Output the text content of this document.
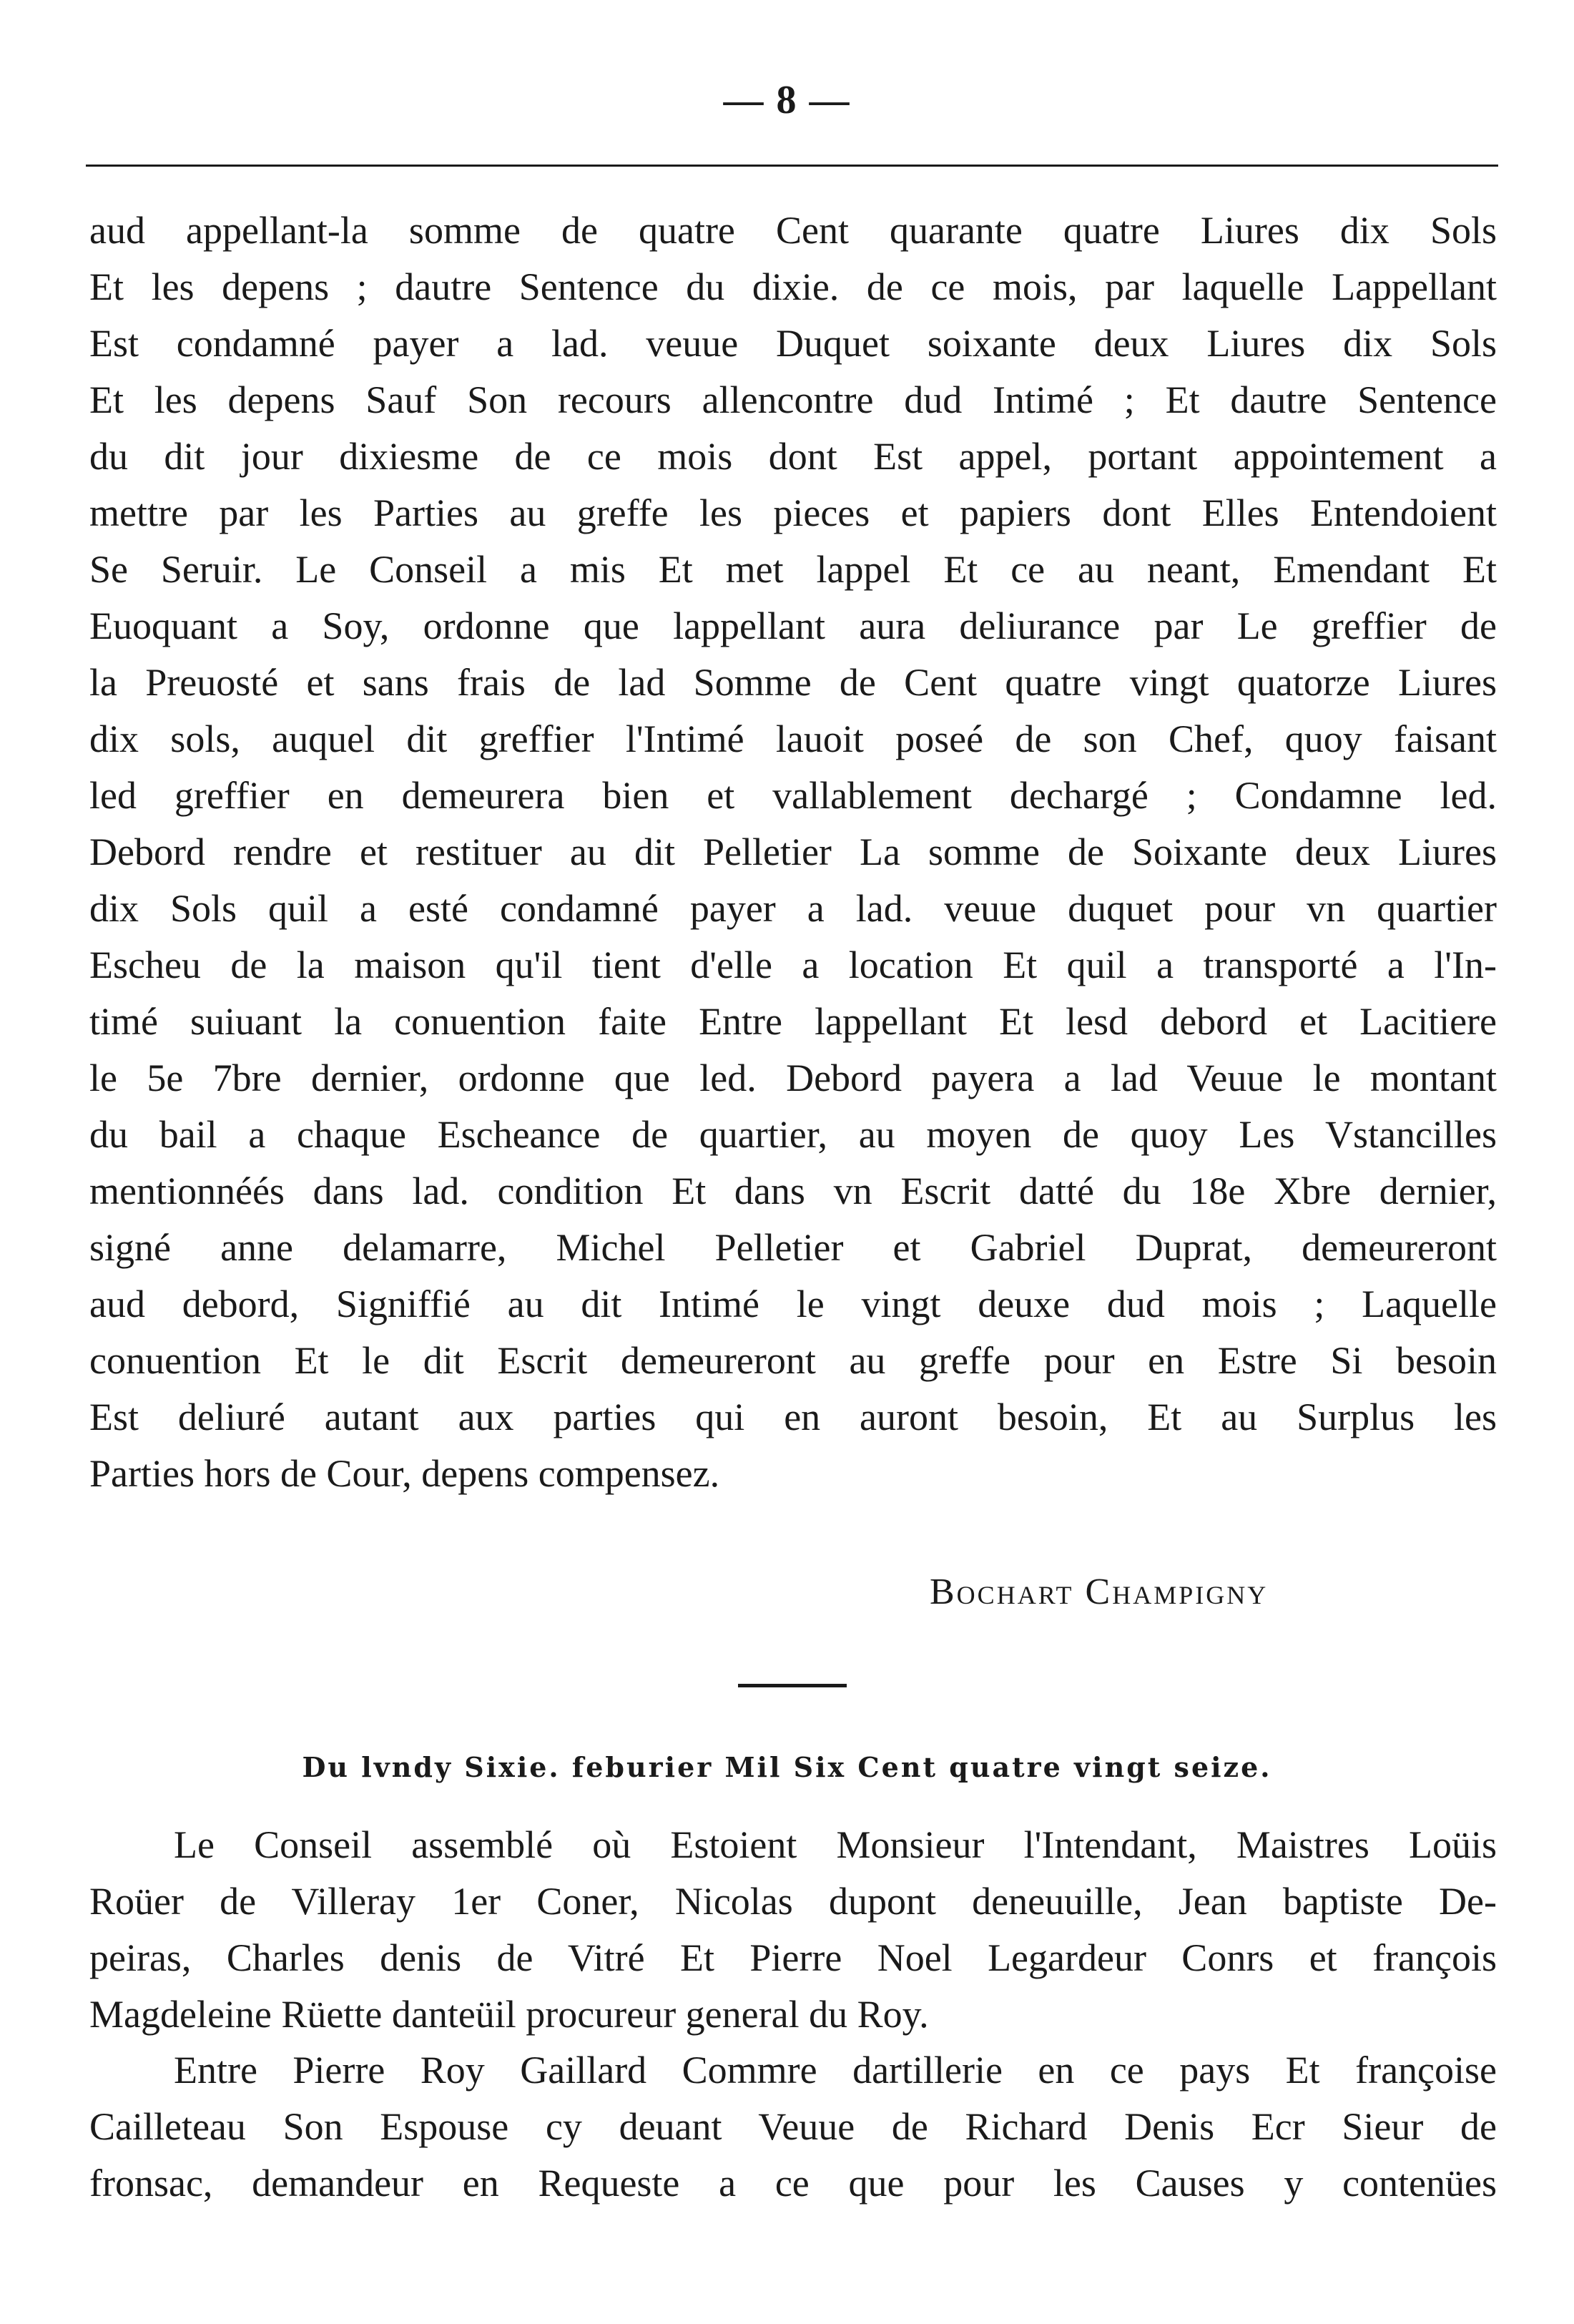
— 8 —
aud appellant-la somme de quatre Cent quarante quatre Liures dix Sols
Et les depens ; dautre Sentence du dixie. de ce mois, par laquelle Lappellant
Est condamné payer a lad. veuue Duquet soixante deux Liures dix Sols
Et les depens Sauf Son recours allencontre dud Intimé ; Et dautre Sentence
du dit jour dixiesme de ce mois dont Est appel, portant appointement a
mettre par les Parties au greffe les pieces et papiers dont Elles Entendoient
Se Seruir. Le Conseil a mis Et met lappel Et ce au neant, Emendant Et
Euoquant a Soy, ordonne que lappellant aura deliurance par Le greffier de
la Preuosté et sans frais de lad Somme de Cent quatre vingt quatorze Liures
dix sols, auquel dit greffier l'Intimé lauoit poseé de son Chef, quoy faisant
led greffier en demeurera bien et vallablement dechargé ; Condamne led.
Debord rendre et restituer au dit Pelletier La somme de Soixante deux Liures
dix Sols quil a esté condamné payer a lad. veuue duquet pour vn quartier
Escheu de la maison qu'il tient d'elle a location Et quil a transporté a l'In-
timé suiuant la conuention faite Entre lappellant Et lesd debord et Lacitiere
le 5e 7bre dernier, ordonne que led. Debord payera a lad Veuue le montant
du bail a chaque Escheance de quartier, au moyen de quoy Les Vstancilles
mentionnéés dans lad. condition Et dans vn Escrit datté du 18e Xbre dernier,
signé anne delamarre, Michel Pelletier et Gabriel Duprat, demeureront
aud debord, Signiffié au dit Intimé le vingt deuxe dud mois ; Laquelle
conuention Et le dit Escrit demeureront au greffe pour en Estre Si besoin
Est deliuré autant aux parties qui en auront besoin, Et au Surplus les
Parties hors de Cour, depens compensez.
Bochart Champigny
Du lvndy Sixie. feburier Mil Six Cent quatre vingt seize.
Le Conseil assemblé où Estoient Monsieur l'Intendant, Maistres Loüis
Roüer de Villeray 1er Coner, Nicolas dupont deneuuille, Jean baptiste De-
peiras, Charles denis de Vitré Et Pierre Noel Legardeur Conrs et françois
Magdeleine Rüette danteüil procureur general du Roy.
Entre Pierre Roy Gaillard Commre dartillerie en ce pays Et françoise
Cailleteau Son Espouse cy deuant Veuue de Richard Denis Ecr Sieur de
fronsac, demandeur en Requeste a ce que pour les Causes y contenües
